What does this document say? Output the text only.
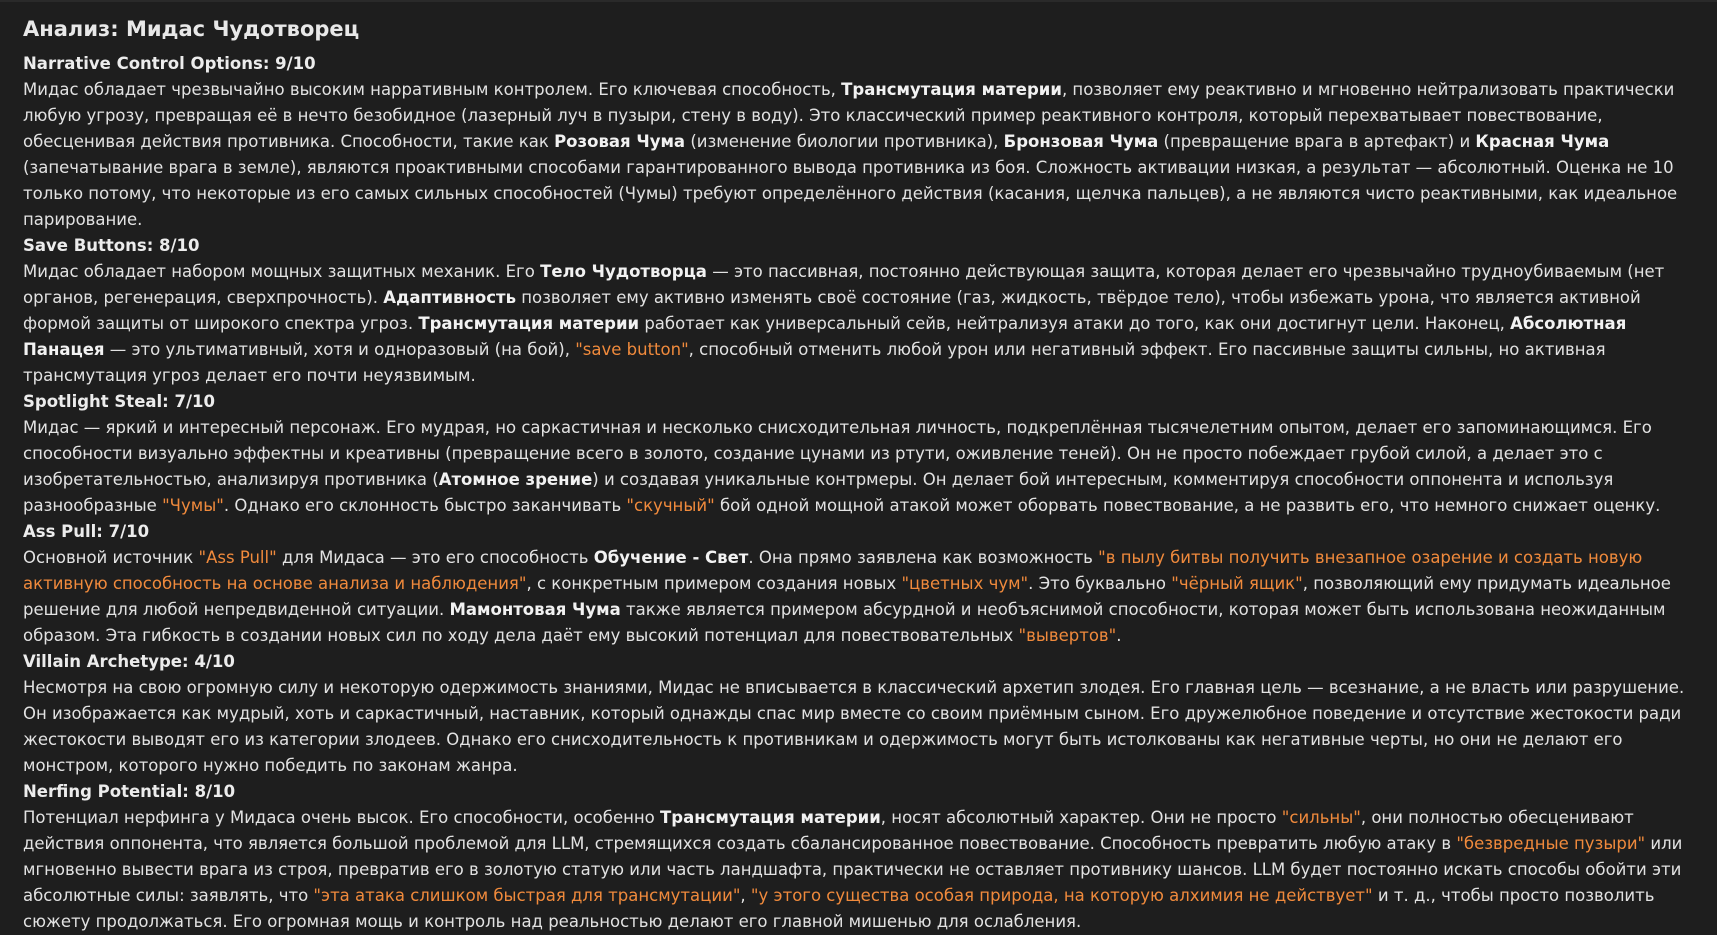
Анализ: Мидас Чудотворец
Narrative Control Options: 9/10

Мидас обладает чрезвычайно высоким нарративным контролем. Его ключевая способность, Трансмутация материи, позволяет ему реактивно и мгновенно нейтрализовать практически любую угрозу, превращая её в нечто безобидное (лазерный луч в пузыри, стену в воду). Это классический пример реактивного контроля, который перехватывает повествование, обесценивая действия противника. Способности, такие как Розовая Чума (изменение биологии противника), Бронзовая Чума (превращение врага в артефакт) и Красная Чума (запечатывание врага в земле), являются проактивными способами гарантированного вывода противника из боя. Сложность активации низкая, а результат — абсолютный. Оценка не 10 только потому, что некоторые из его самых сильных способностей (Чумы) требуют определённого действия (касания, щелчка пальцев), а не являются чисто реактивными, как идеальное парирование.

Save Buttons: 8/10

Мидас обладает набором мощных защитных механик. Его Тело Чудотворца — это пассивная, постоянно действующая защита, которая делает его чрезвычайно трудноубиваемым (нет органов, регенерация, сверхпрочность). Адаптивность позволяет ему активно изменять своё состояние (газ, жидкость, твёрдое тело), чтобы избежать урона, что является активной формой защиты от широкого спектра угроз. Трансмутация материи работает как универсальный сейв, нейтрализуя атаки до того, как они достигнут цели. Наконец, Абсолютная Панацея — это ультимативный, хотя и одноразовый (на бой), "save button", способный отменить любой урон или негативный эффект. Его пассивные защиты сильны, но активная трансмутация угроз делает его почти неуязвимым.

Spotlight Steal: 7/10

Мидас — яркий и интересный персонаж. Его мудрая, но саркастичная и несколько снисходительная личность, подкреплённая тысячелетним опытом, делает его запоминающимся. Его способности визуально эффектны и креативны (превращение всего в золото, создание цунами из ртути, оживление теней). Он не просто побеждает грубой силой, а делает это с изобретательностью, анализируя противника (Атомное зрение) и создавая уникальные контрмеры. Он делает бой интересным, комментируя способности оппонента и используя разнообразные "Чумы". Однако его склонность быстро заканчивать "скучный" бой одной мощной атакой может оборвать повествование, а не развить его, что немного снижает оценку.

Ass Pull: 7/10

Основной источник "Ass Pull" для Мидаса — это его способность Обучение - Свет. Она прямо заявлена как возможность "в пылу битвы получить внезапное озарение и создать новую активную способность на основе анализа и наблюдения", с конкретным примером создания новых "цветных чум". Это буквально "чёрный ящик", позволяющий ему придумать идеальное решение для любой непредвиденной ситуации. Мамонтовая Чума также является примером абсурдной и необъяснимой способности, которая может быть использована неожиданным образом. Эта гибкость в создании новых сил по ходу дела даёт ему высокий потенциал для повествовательных "вывертов".

Villain Archetype: 4/10

Несмотря на свою огромную силу и некоторую одержимость знаниями, Мидас не вписывается в классический архетип злодея. Его главная цель — всезнание, а не власть или разрушение. Он изображается как мудрый, хоть и саркастичный, наставник, который однажды спас мир вместе со своим приёмным сыном. Его дружелюбное поведение и отсутствие жестокости ради жестокости выводят его из категории злодеев. Однако его снисходительность к противникам и одержимость могут быть истолкованы как негативные черты, но они не делают его монстром, которого нужно победить по законам жанра.

Nerfing Potential: 8/10

Потенциал нерфинга у Мидаса очень высок. Его способности, особенно Трансмутация материи, носят абсолютный характер. Они не просто "сильны", они полностью обесценивают действия оппонента, что является большой проблемой для LLM, стремящихся создать сбалансированное повествование. Способность превратить любую атаку в "безвредные пузыри" или мгновенно вывести врага из строя, превратив его в золотую статую или часть ландшафта, практически не оставляет противнику шансов. LLM будет постоянно искать способы обойти эти абсолютные силы: заявлять, что "эта атака слишком быстрая для трансмутации", "у этого существа особая природа, на которую алхимия не действует" и т. д., чтобы просто позволить сюжету продолжаться. Его огромная мощь и контроль над реальностью делают его главной мишенью для ослабления.
